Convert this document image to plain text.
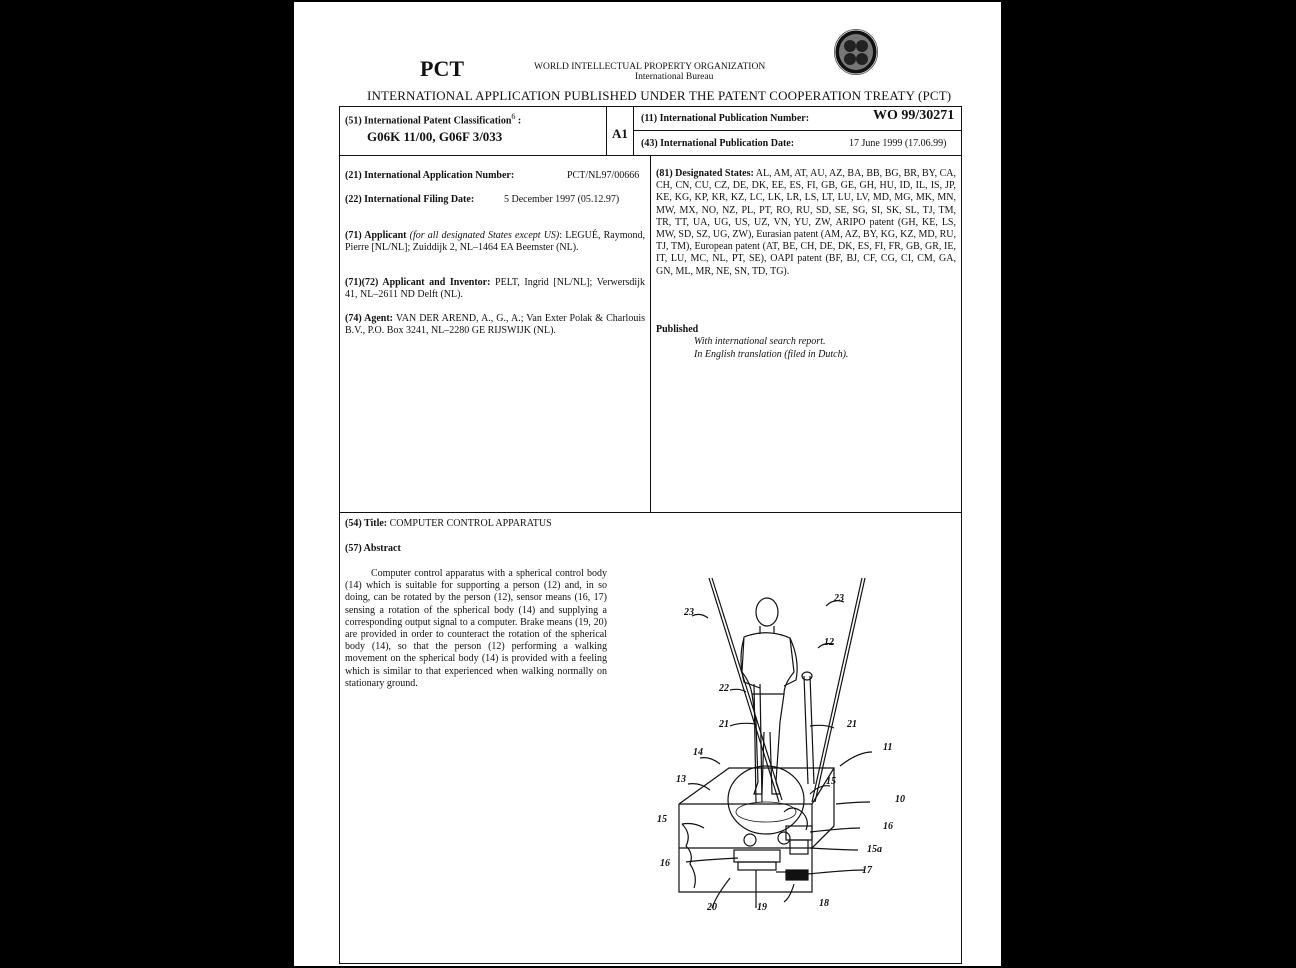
PCT	WORLD INTELLECTUAL PROPERTY ORGANIZATION
International Bureau
INTERNATIONAL APPLICATION PUBLISHED UNDER THE PATENT COOPERATION TREATY (PCT)
(51) International Patent Classification$^6$ :
G06K 11/00, G06F 3/033	A1
(11) International Publication Number:	WO 99/30271
(43) International Publication Date:	17 June 1999 (17.06.99)
(21) International Application Number:	PCT/NL97/00666
(22) International Filing Date:	5 December 1997 (05.12.97)
(71) Applicant (for all designated States except US): LEGUÉ, Raymond, Pierre [NL/NL]; Zuiddijk 2, NL–1464 EA Beemster (NL).
(71)(72) Applicant and Inventor: PELT, Ingrid [NL/NL]; Verwersdijk 41, NL–2611 ND Delft (NL).
(74) Agent: VAN DER AREND, A., G., A.; Van Exter Polak & Charlouis B.V., P.O. Box 3241, NL–2280 GE RIJSWIJK (NL).
(81) Designated States: AL, AM, AT, AU, AZ, BA, BB, BG, BR, BY, CA, CH, CN, CU, CZ, DE, DK, EE, ES, FI, GB, GE, GH, HU, ID, IL, IS, JP, KE, KG, KP, KR, KZ, LC, LK, LR, LS, LT, LU, LV, MD, MG, MK, MN, MW, MX, NO, NZ, PL, PT, RO, RU, SD, SE, SG, SI, SK, SL, TJ, TM, TR, TT, UA, UG, US, UZ, VN, YU, ZW, ARIPO patent (GH, KE, LS, MW, SD, SZ, UG, ZW), Eurasian patent (AM, AZ, BY, KG, KZ, MD, RU, TJ, TM), European patent (AT, BE, CH, DE, DK, ES, FI, FR, GB, GR, IE, IT, LU, MC, NL, PT, SE), OAPI patent (BF, BJ, CF, CG, CI, CM, GA, GN, ML, MR, NE, SN, TD, TG).
Published
With international search report.
In English translation (filed in Dutch).
(54) Title: COMPUTER CONTROL APPARATUS
(57) Abstract
Computer control apparatus with a spherical control body (14) which is suitable for supporting a person (12) and, in so doing, can be rotated by the person (12), sensor means (16, 17) sensing a rotation of the spherical body (14) and supplying a corresponding output signal to a computer. Brake means (19, 20) are provided in order to counteract the rotation of the spherical body (14), so that the person (12) performing a walking movement on the spherical body (14) is provided with a feeling which is similar to that experienced when walking normally on stationary ground.
23
23
12
22
21	21
14	11
13	15
10
15
16
15a
16
17
20	19	18
